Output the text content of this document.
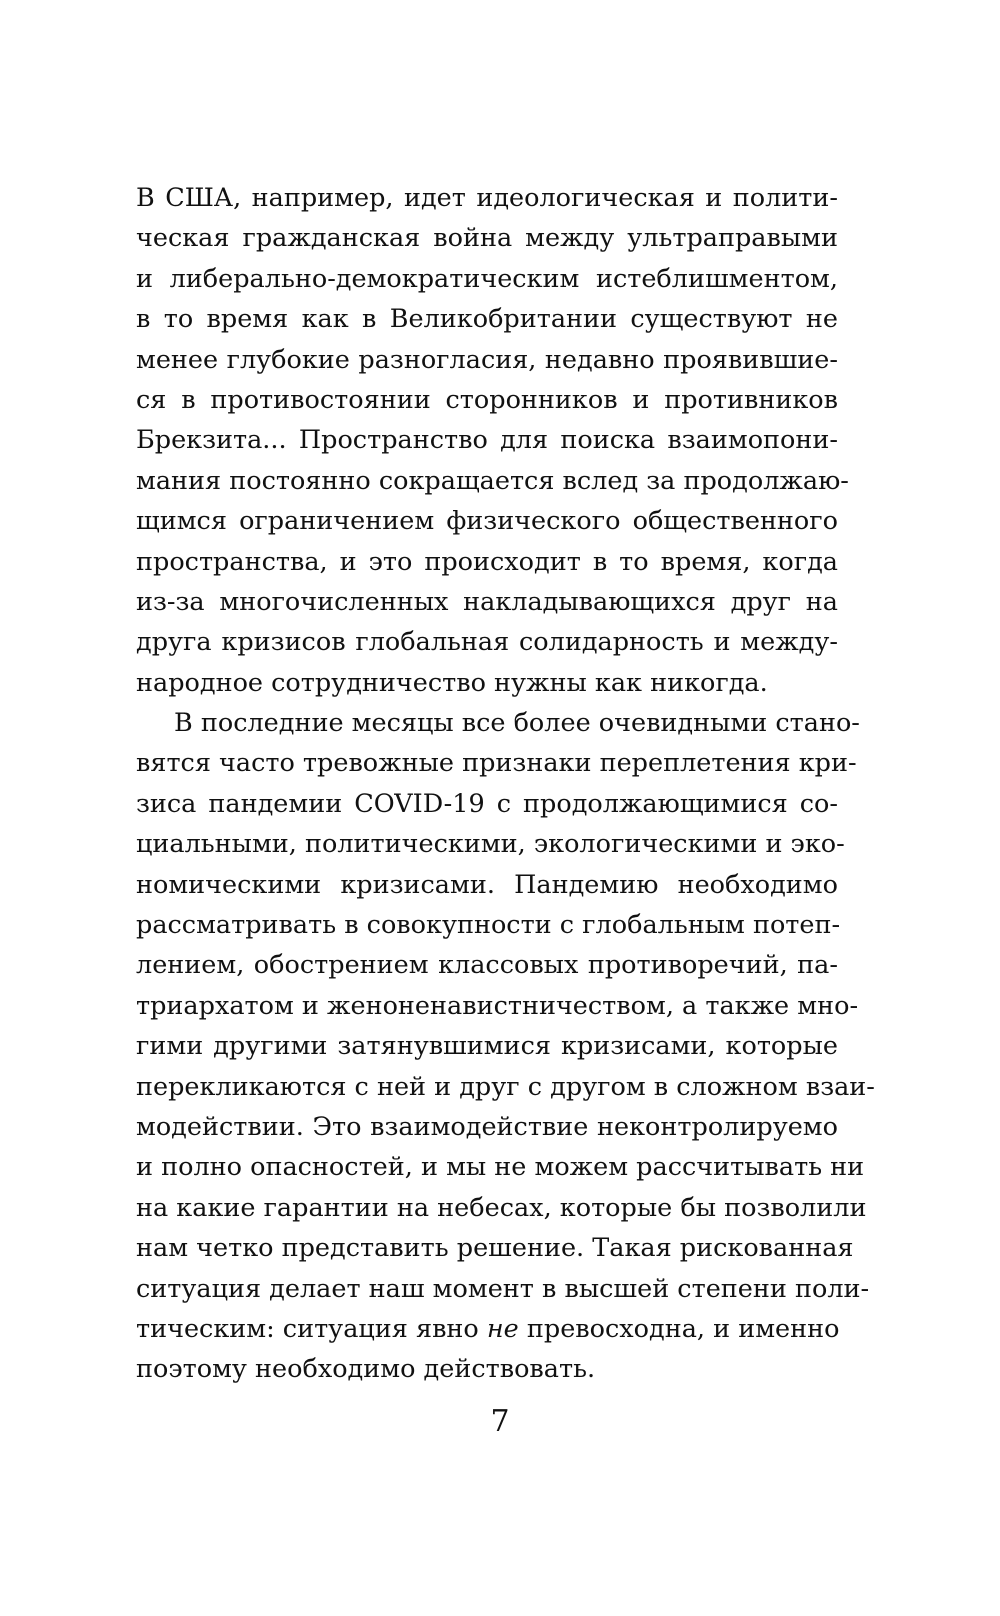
В США, например, идет идеологическая и полити-
ческая гражданская война между ультраправыми
и либерально-демократическим истеблишментом,
в то время как в Великобритании существуют не
менее глубокие разногласия, недавно проявившие-
ся в противостоянии сторонников и противников
Брекзита... Пространство для поиска взаимопони-
мания постоянно сокращается вслед за продолжаю-
щимся ограничением физического общественного
пространства, и это происходит в то время, когда
из-за многочисленных накладывающихся друг на
друга кризисов глобальная солидарность и между-
народное сотрудничество нужны как никогда.
В последние месяцы все более очевидными стано-
вятся часто тревожные признаки переплетения кри-
зиса пандемии COVID-19 с продолжающимися со-
циальными, политическими, экологическими и эко-
номическими кризисами. Пандемию необходимо
рассматривать в совокупности с глобальным потеп-
лением, обострением классовых противоречий, па-
триархатом и женоненавистничеством, а также мно-
гими другими затянувшимися кризисами, которые
перекликаются с ней и друг с другом в сложном взаи-
модействии. Это взаимодействие неконтролируемо
и полно опасностей, и мы не можем рассчитывать ни
на какие гарантии на небесах, которые бы позволили
нам четко представить решение. Такая рискованная
ситуация делает наш момент в высшей степени поли-
тическим: ситуация явно не превосходна, и именно
поэтому необходимо действовать.
7
